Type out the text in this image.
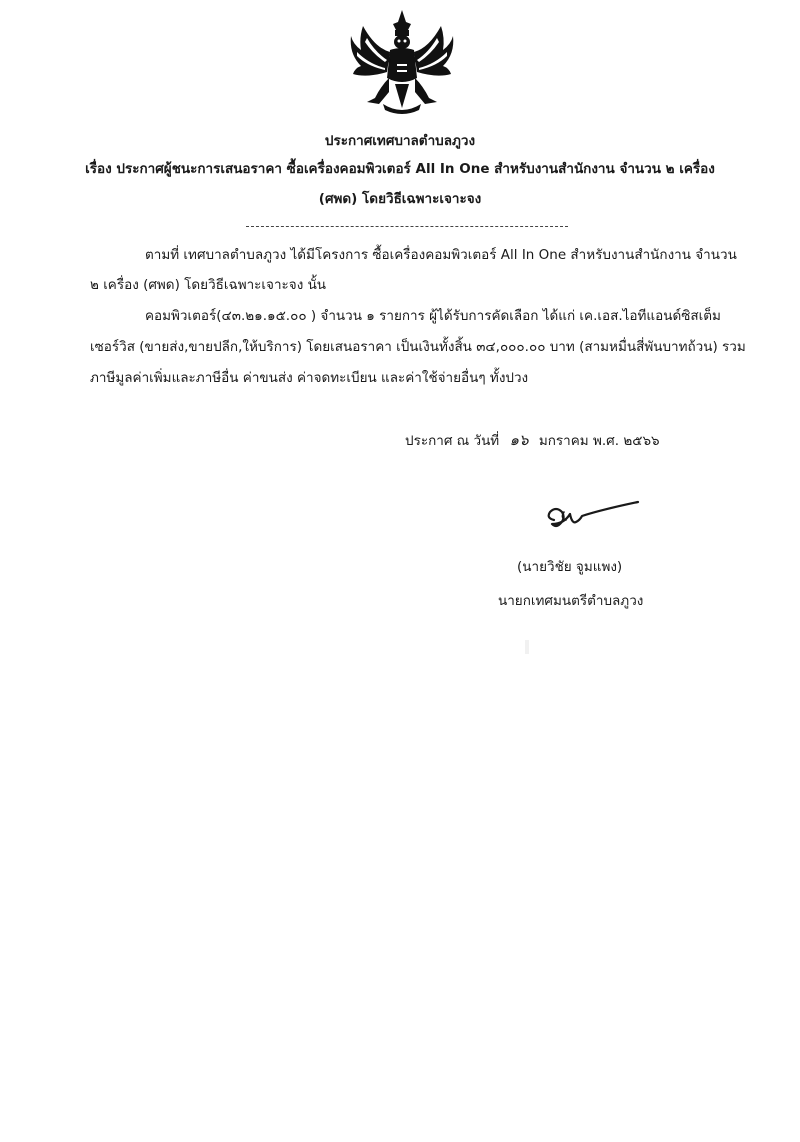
ประกาศเทศบาลตำบลภูวง
เรื่อง ประกาศผู้ชนะการเสนอราคา ซื้อเครื่องคอมพิวเตอร์ All In One สำหรับงานสำนักงาน จำนวน ๒ เครื่อง
(ศพด) โดยวิธีเฉพาะเจาะจง
ตามที่ เทศบาลตำบลภูวง ได้มีโครงการ ซื้อเครื่องคอมพิวเตอร์ All In One สำหรับงานสำนักงาน จำนวน
๒ เครื่อง (ศพด) โดยวิธีเฉพาะเจาะจง นั้น
คอมพิวเตอร์(๔๓.๒๑.๑๕.๐๐ ) จำนวน ๑ รายการ ผู้ได้รับการคัดเลือก ได้แก่ เค.เอส.ไอทีแอนด์ซิสเต็ม
เซอร์วิส (ขายส่ง,ขายปลีก,ให้บริการ) โดยเสนอราคา เป็นเงินทั้งสิ้น ๓๔,๐๐๐.๐๐ บาท (สามหมื่นสี่พันบาทถ้วน) รวม
ภาษีมูลค่าเพิ่มและภาษีอื่น ค่าขนส่ง ค่าจดทะเบียน และค่าใช้จ่ายอื่นๆ ทั้งปวง
ประกาศ ณ วันที่ ๑๖ มกราคม พ.ศ. ๒๕๖๖
(นายวิชัย จูมแพง)
นายกเทศมนตรีตำบลภูวง
